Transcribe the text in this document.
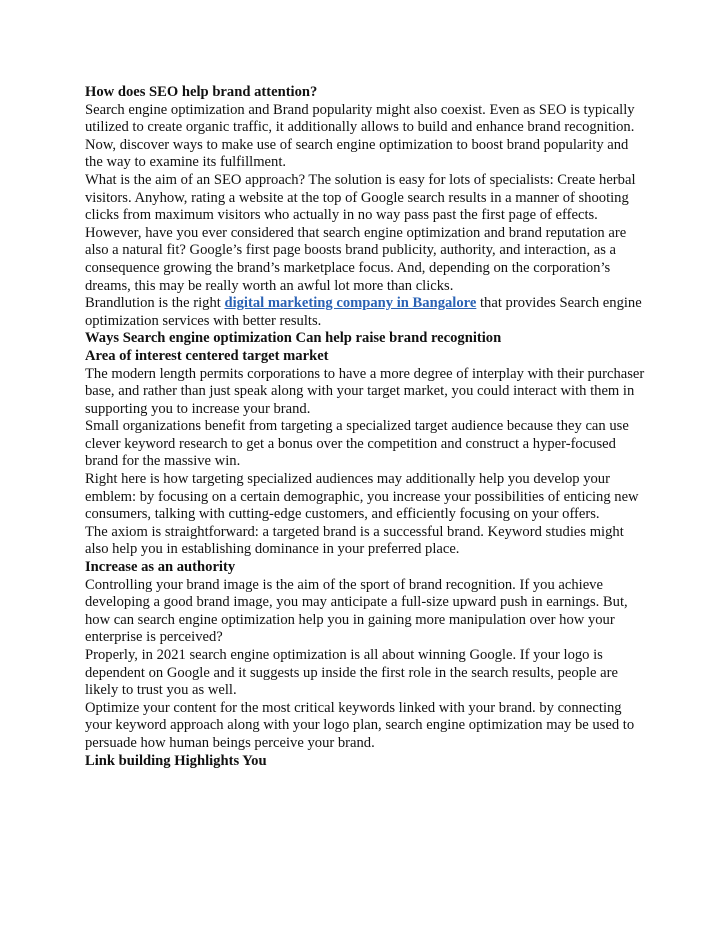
How does SEO help brand attention?

Search engine optimization and Brand popularity might also coexist. Even as SEO is typically utilized to create organic traffic, it additionally allows to build and enhance brand recognition. Now, discover ways to make use of search engine optimization to boost brand popularity and the way to examine its fulfillment.

What is the aim of an SEO approach? The solution is easy for lots of specialists: Create herbal visitors. Anyhow, rating a website at the top of Google search results in a manner of shooting clicks from maximum visitors who actually in no way pass past the first page of effects.

However, have you ever considered that search engine optimization and brand reputation are also a natural fit? Google’s first page boosts brand publicity, authority, and interaction, as a consequence growing the brand’s marketplace focus. And, depending on the corporation’s dreams, this may be really worth an awful lot more than clicks.

Brandlution is the right digital marketing company in Bangalore that provides Search engine optimization services with better results.

Ways Search engine optimization Can help raise brand recognition
Area of interest centered target market

The modern length permits corporations to have a more degree of interplay with their purchaser base, and rather than just speak along with your target market, you could interact with them in supporting you to increase your brand.

Small organizations benefit from targeting a specialized target audience because they can use clever keyword research to get a bonus over the competition and construct a hyper-focused brand for the massive win.

Right here is how targeting specialized audiences may additionally help you develop your emblem: by focusing on a certain demographic, you increase your possibilities of enticing new consumers, talking with cutting-edge customers, and efficiently focusing on your offers.

The axiom is straightforward: a targeted brand is a successful brand. Keyword studies might also help you in establishing dominance in your preferred place.

Increase as an authority

Controlling your brand image is the aim of the sport of brand recognition. If you achieve developing a good brand image, you may anticipate a full-size upward push in earnings. But, how can search engine optimization help you in gaining more manipulation over how your enterprise is perceived?

Properly, in 2021 search engine optimization is all about winning Google. If your logo is dependent on Google and it suggests up inside the first role in the search results, people are likely to trust you as well.

Optimize your content for the most critical keywords linked with your brand. by connecting your keyword approach along with your logo plan, search engine optimization may be used to persuade how human beings perceive your brand.

Link building Highlights You
